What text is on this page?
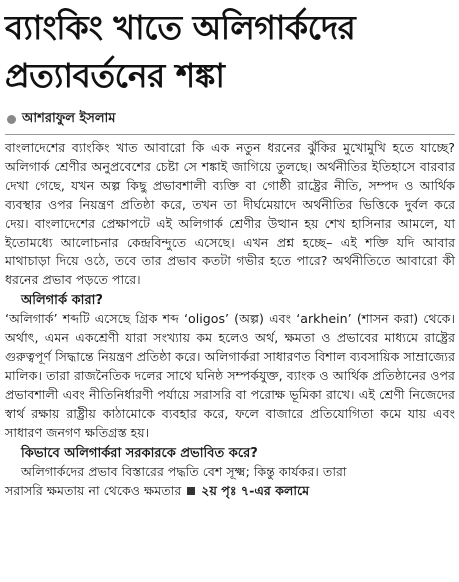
ব্যাংকিং খাতে অলিগার্কদের
প্রত্যাবর্তনের শঙ্কা
আশরাফুল ইসলাম

বাংলাদেশের ব্যাংকিং খাত আবারো কি এক নতুন ধরনের ঝুঁকির মুখোমুখি হতে যাচ্ছে? অলিগার্ক শ্রেণীর অনুপ্রবেশের চেষ্টা সে শঙ্কাই জাগিয়ে তুলছে। অর্থনীতির ইতিহাসে বারবার দেখা গেছে, যখন অল্প কিছু প্রভাবশালী ব্যক্তি বা গোষ্ঠী রাষ্ট্রের নীতি, সম্পদ ও আর্থিক ব্যবস্থার ওপর নিয়ন্ত্রণ প্রতিষ্ঠা করে, তখন তা দীর্ঘমেয়াদে অর্থনীতির ভিত্তিকে দুর্বল করে দেয়। বাংলাদেশের প্রেক্ষাপটে এই অলিগার্ক শ্রেণীর উত্থান হয় শেখ হাসিনার আমলে, যা ইতোমধ্যে আলোচনার কেন্দ্রবিন্দুতে এসেছে। এখন প্রশ্ন হচ্ছে– এই শক্তি যদি আবার মাথাচাড়া দিয়ে ওঠে, তবে তার প্রভাব কতটা গভীর হতে পারে? অর্থনীতিতে আবারো কী ধরনের প্রভাব পড়তে পারে।

অলিগার্ক কারা?

‘অলিগার্ক’ শব্দটি এসেছে গ্রিক শব্দ ‘oligos’ (অল্প) এবং ‘arkhein’ (শাসন করা) থেকে। অর্থাৎ, এমন একশ্রেণী যারা সংখ্যায় কম হলেও অর্থ, ক্ষমতা ও প্রভাবের মাধ্যমে রাষ্ট্রের গুরুত্বপূর্ণ সিদ্ধান্তে নিয়ন্ত্রণ প্রতিষ্ঠা করে। অলিগার্করা সাধারণত বিশাল ব্যবসায়িক সাম্রাজ্যের মালিক। তারা রাজনৈতিক দলের সাথে ঘনিষ্ঠ সম্পর্কযুক্ত, ব্যাংক ও আর্থিক প্রতিষ্ঠানের ওপর প্রভাবশালী এবং নীতিনির্ধারণী পর্যায়ে সরাসরি বা পরোক্ষ ভূমিকা রাখে। এই শ্রেণী নিজেদের স্বার্থ রক্ষায় রাষ্ট্রীয় কাঠামোকে ব্যবহার করে, ফলে বাজারে প্রতিযোগিতা কমে যায় এবং সাধারণ জনগণ ক্ষতিগ্রস্ত হয়।

কিভাবে অলিগার্করা সরকারকে প্রভাবিত করে?

অলিগার্কদের প্রভাব বিস্তারের পদ্ধতি বেশ সূক্ষ্ম; কিন্তু কার্যকর। তারা

সরাসরি ক্ষমতায় না থেকেও ক্ষমতার ২য় পৃঃ ৭-এর কলামে
